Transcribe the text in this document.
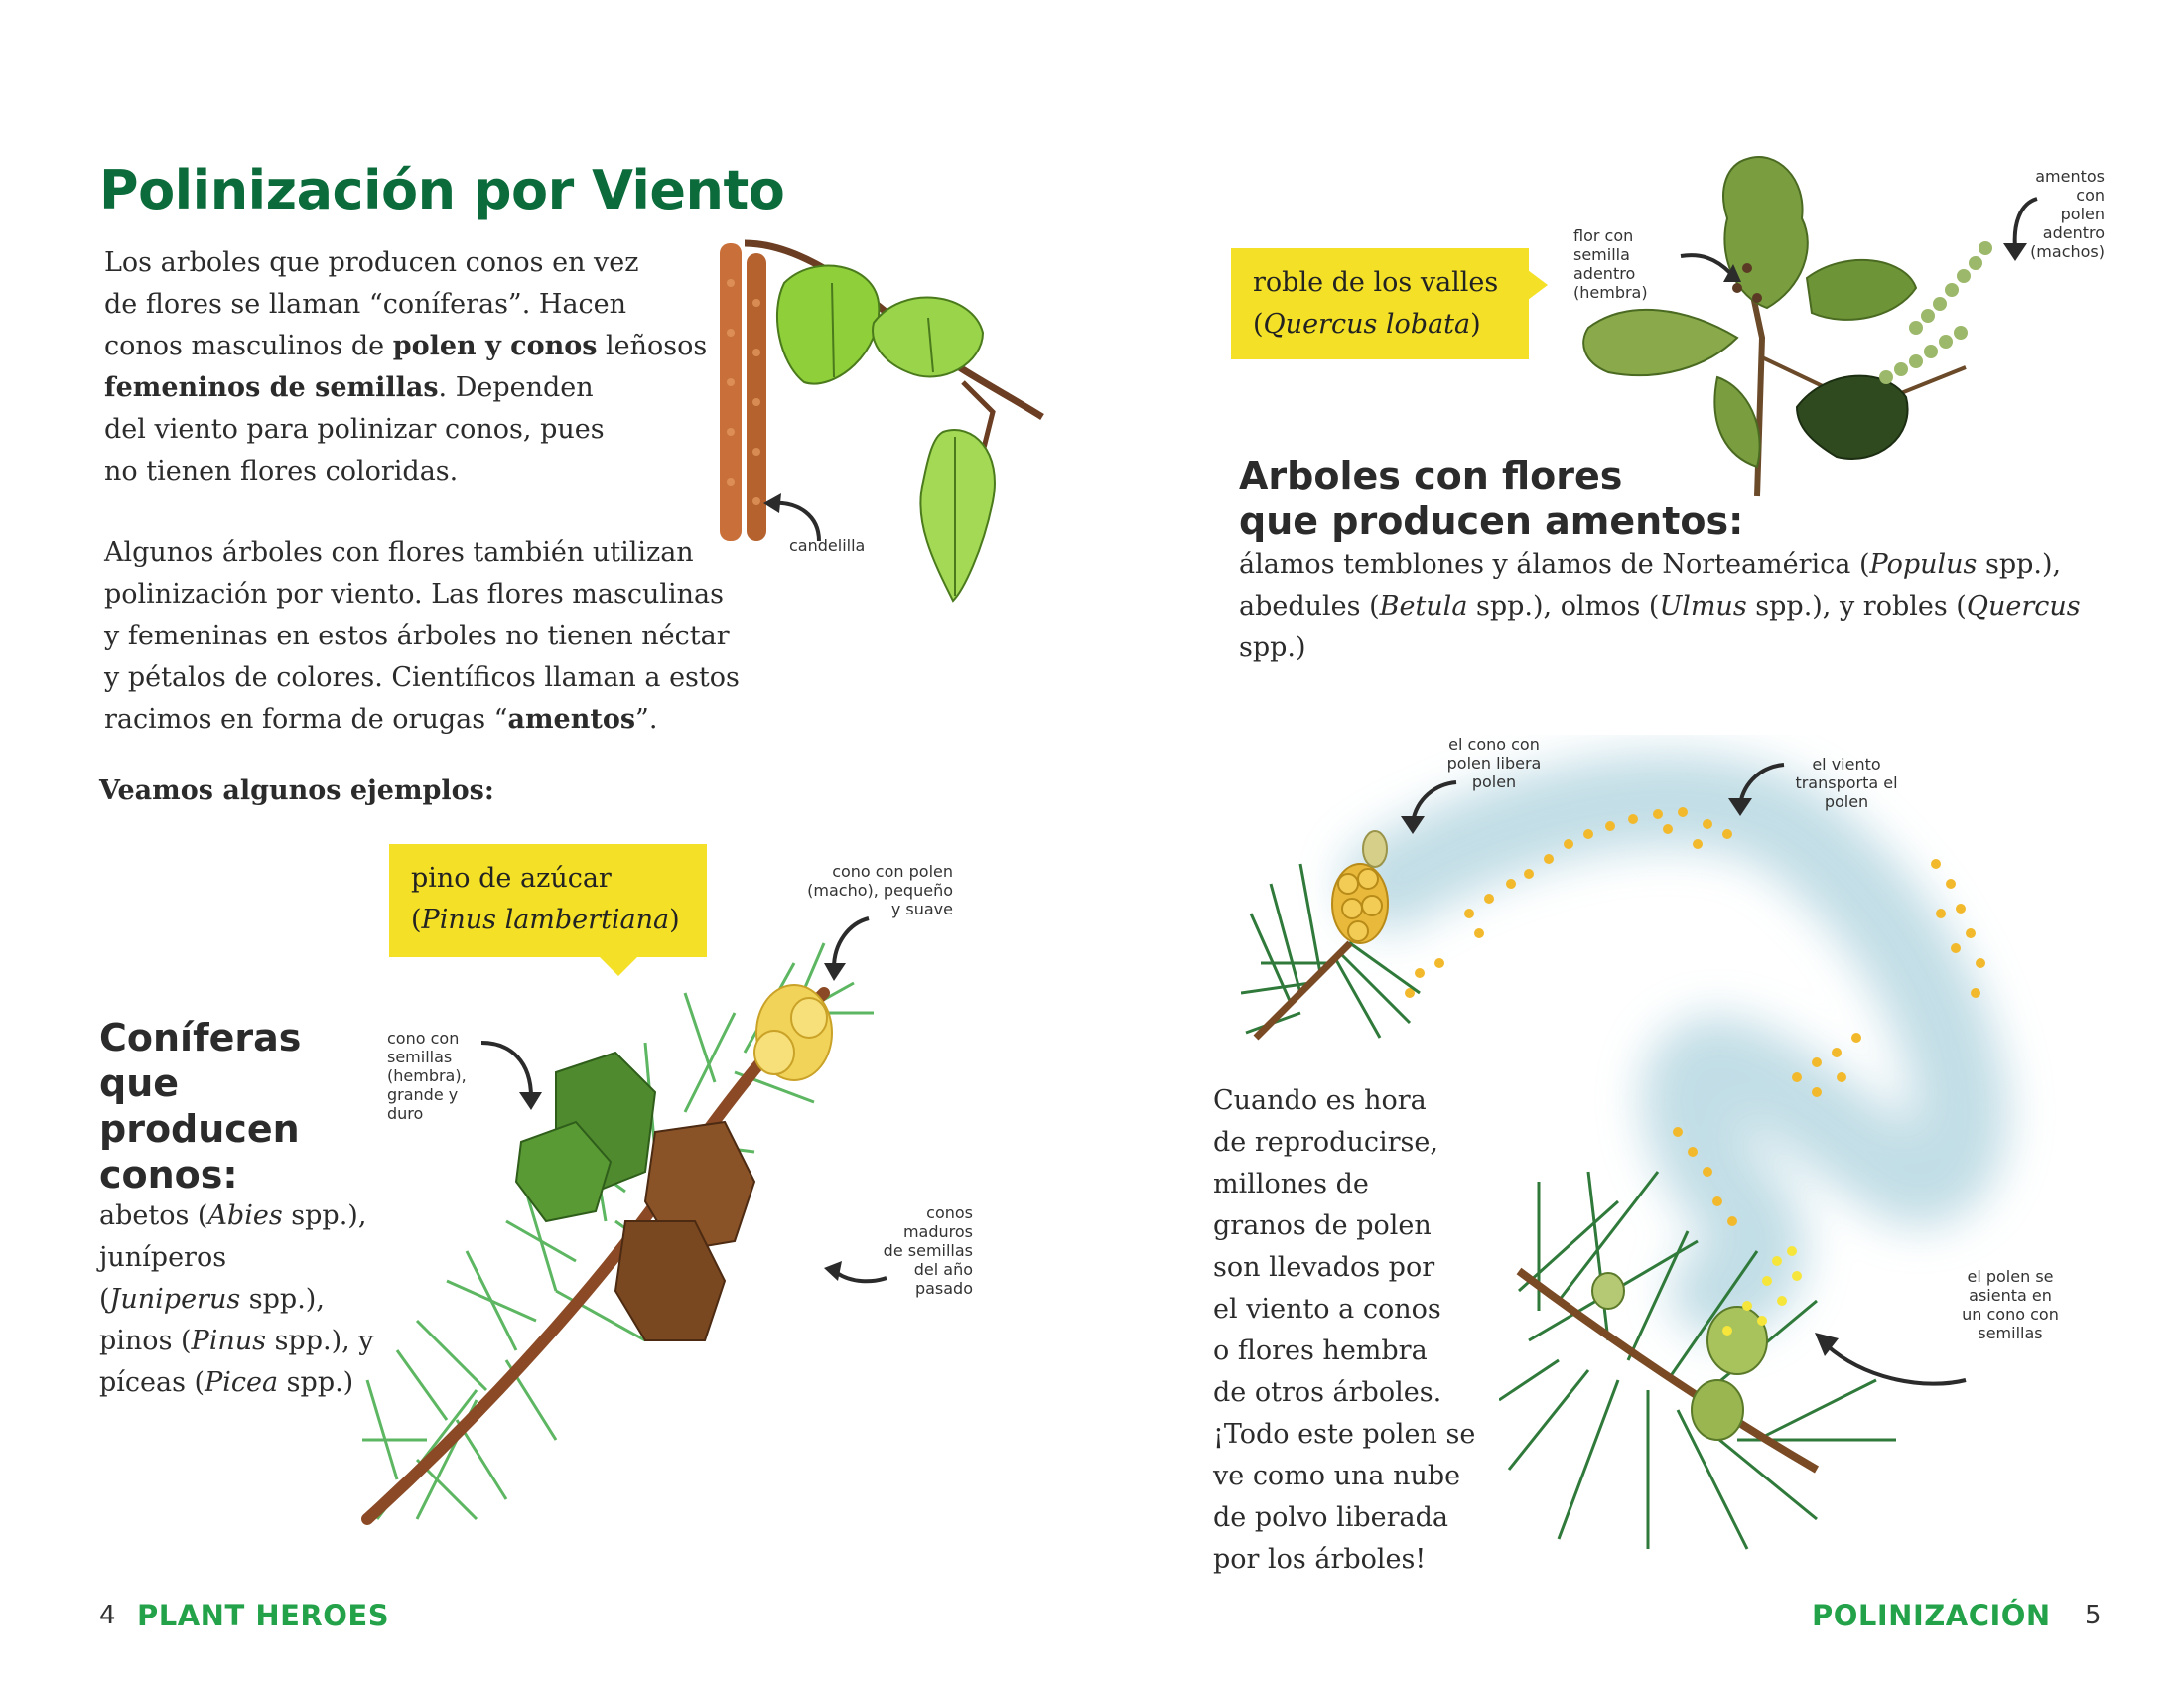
Polinización por Viento
Los arboles que producen conos en vez
de flores se llaman “coníferas”. Hacen
conos masculinos de polen y conos leñosos
femeninos de semillas. Dependen
del viento para polinizar conos, pues
no tienen flores coloridas.
Algunos árboles con flores también utilizan
polinización por viento. Las flores masculinas
y femeninas en estos árboles no tienen néctar
y pétalos de colores. Científicos llaman a estos
racimos en forma de orugas “amentos”.
candelilla
Veamos algunos ejemplos:
pino de azúcar
(Pinus lambertiana)
Coníferas
que
producen
conos:
abetos (Abies spp.),
juníperos
(Juniperus spp.),
pinos (Pinus spp.), y
píceas (Picea spp.)
cono con polen
(macho), pequeño
y suave
cono con
semillas
(hembra),
grande y
duro
conos
maduros
de semillas
del año
pasado
4 PLANT HEROES
roble de los valles
(Quercus lobata)
flor con
semilla
adentro
(hembra)
amentos
con
polen
adentro
(machos)
Arboles con flores
que producen amentos:
álamos temblones y álamos de Norteamérica (Populus spp.),
abedules (Betula spp.), olmos (Ulmus spp.), y robles (Quercus spp.)
el cono con
polen libera
polen
el viento
transporta el
polen
el polen se
asienta en
un cono con
semillas
Cuando es hora
de reproducirse,
millones de
granos de polen
son llevados por
el viento a conos
o flores hembra
de otros árboles.
¡Todo este polen se
ve como una nube
de polvo liberada
por los árboles!
POLINIZACIÓN 5
